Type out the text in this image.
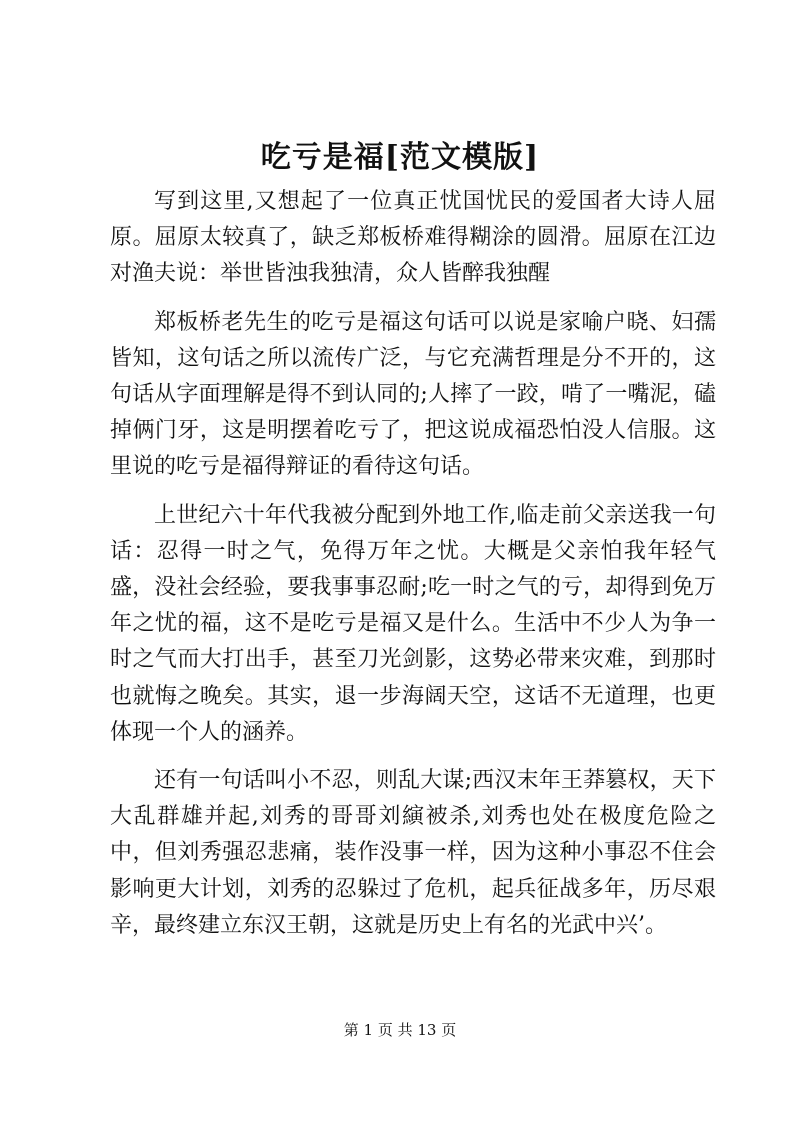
吃亏是福[范文模版]

写到这里,又想起了一位真正忧国忧民的爱国者大诗人屈原。屈原太较真了，缺乏郑板桥难得糊涂的圆滑。屈原在江边对渔夫说：举世皆浊我独清，众人皆醉我独醒

郑板桥老先生的吃亏是福这句话可以说是家喻户晓、妇孺皆知，这句话之所以流传广泛，与它充满哲理是分不开的，这句话从字面理解是得不到认同的;人摔了一跤，啃了一嘴泥，磕掉俩门牙，这是明摆着吃亏了，把这说成福恐怕没人信服。这里说的吃亏是福得辩证的看待这句话。

上世纪六十年代我被分配到外地工作,临走前父亲送我一句话：忍得一时之气，免得万年之忧。大概是父亲怕我年轻气盛，没社会经验，要我事事忍耐;吃一时之气的亏，却得到免万年之忧的福，这不是吃亏是福又是什么。生活中不少人为争一时之气而大打出手，甚至刀光剑影，这势必带来灾难，到那时也就悔之晚矣。其实，退一步海阔天空，这话不无道理，也更体现一个人的涵养。

还有一句话叫小不忍，则乱大谋;西汉末年王莽篡权，天下大乱群雄并起,刘秀的哥哥刘縯被杀,刘秀也处在极度危险之中，但刘秀强忍悲痛，装作没事一样，因为这种小事忍不住会影响更大计划，刘秀的忍躲过了危机，起兵征战多年，历尽艰辛，最终建立东汉王朝，这就是历史上有名的光武中兴’。

第 1 页 共 13 页
